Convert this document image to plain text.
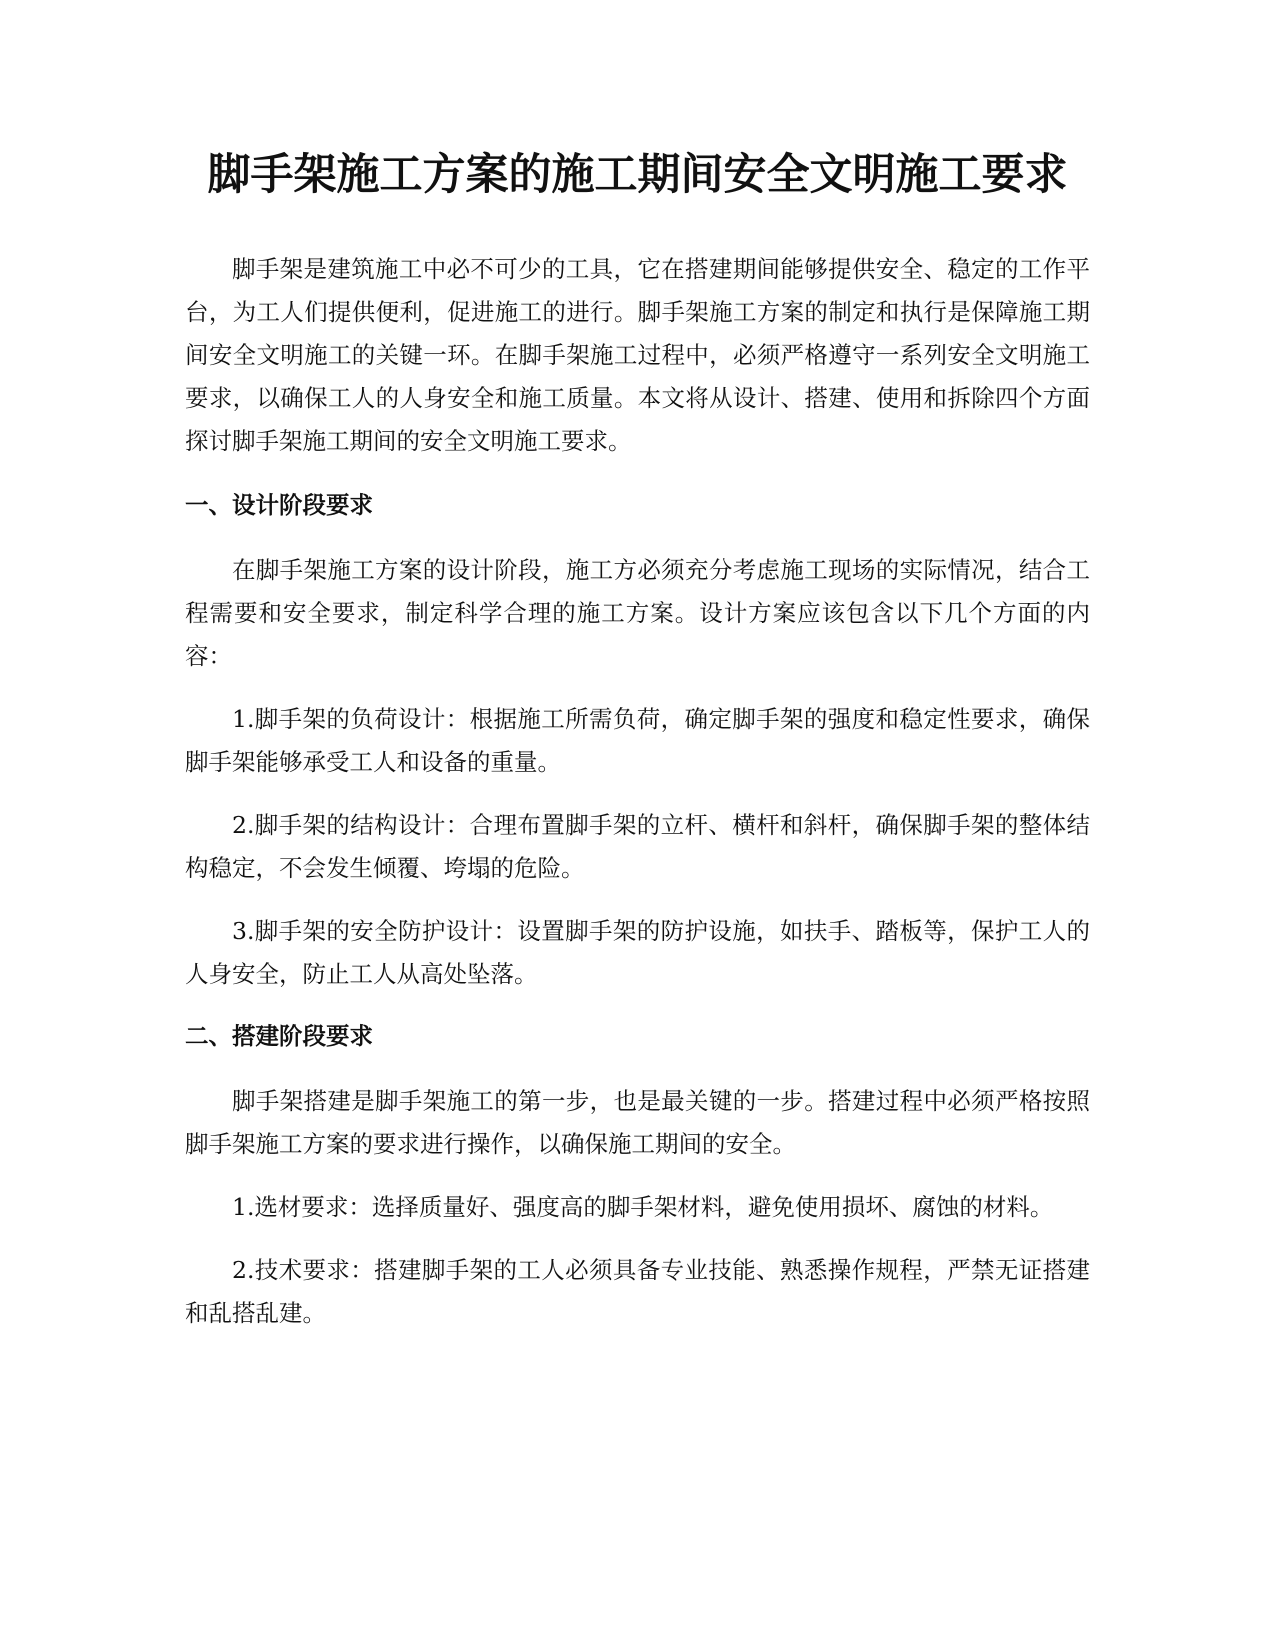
脚手架施工方案的施工期间安全文明施工要求

脚手架是建筑施工中必不可少的工具，它在搭建期间能够提供安全、稳定的工作平台，为工人们提供便利，促进施工的进行。脚手架施工方案的制定和执行是保障施工期间安全文明施工的关键一环。在脚手架施工过程中，必须严格遵守一系列安全文明施工要求，以确保工人的人身安全和施工质量。本文将从设计、搭建、使用和拆除四个方面探讨脚手架施工期间的安全文明施工要求。

一、设计阶段要求

在脚手架施工方案的设计阶段，施工方必须充分考虑施工现场的实际情况，结合工程需要和安全要求，制定科学合理的施工方案。设计方案应该包含以下几个方面的内容：

1.脚手架的负荷设计：根据施工所需负荷，确定脚手架的强度和稳定性要求，确保脚手架能够承受工人和设备的重量。

2.脚手架的结构设计：合理布置脚手架的立杆、横杆和斜杆，确保脚手架的整体结构稳定，不会发生倾覆、垮塌的危险。

3.脚手架的安全防护设计：设置脚手架的防护设施，如扶手、踏板等，保护工人的人身安全，防止工人从高处坠落。

二、搭建阶段要求

脚手架搭建是脚手架施工的第一步，也是最关键的一步。搭建过程中必须严格按照脚手架施工方案的要求进行操作，以确保施工期间的安全。

1.选材要求：选择质量好、强度高的脚手架材料，避免使用损坏、腐蚀的材料。

2.技术要求：搭建脚手架的工人必须具备专业技能、熟悉操作规程，严禁无证搭建和乱搭乱建。
